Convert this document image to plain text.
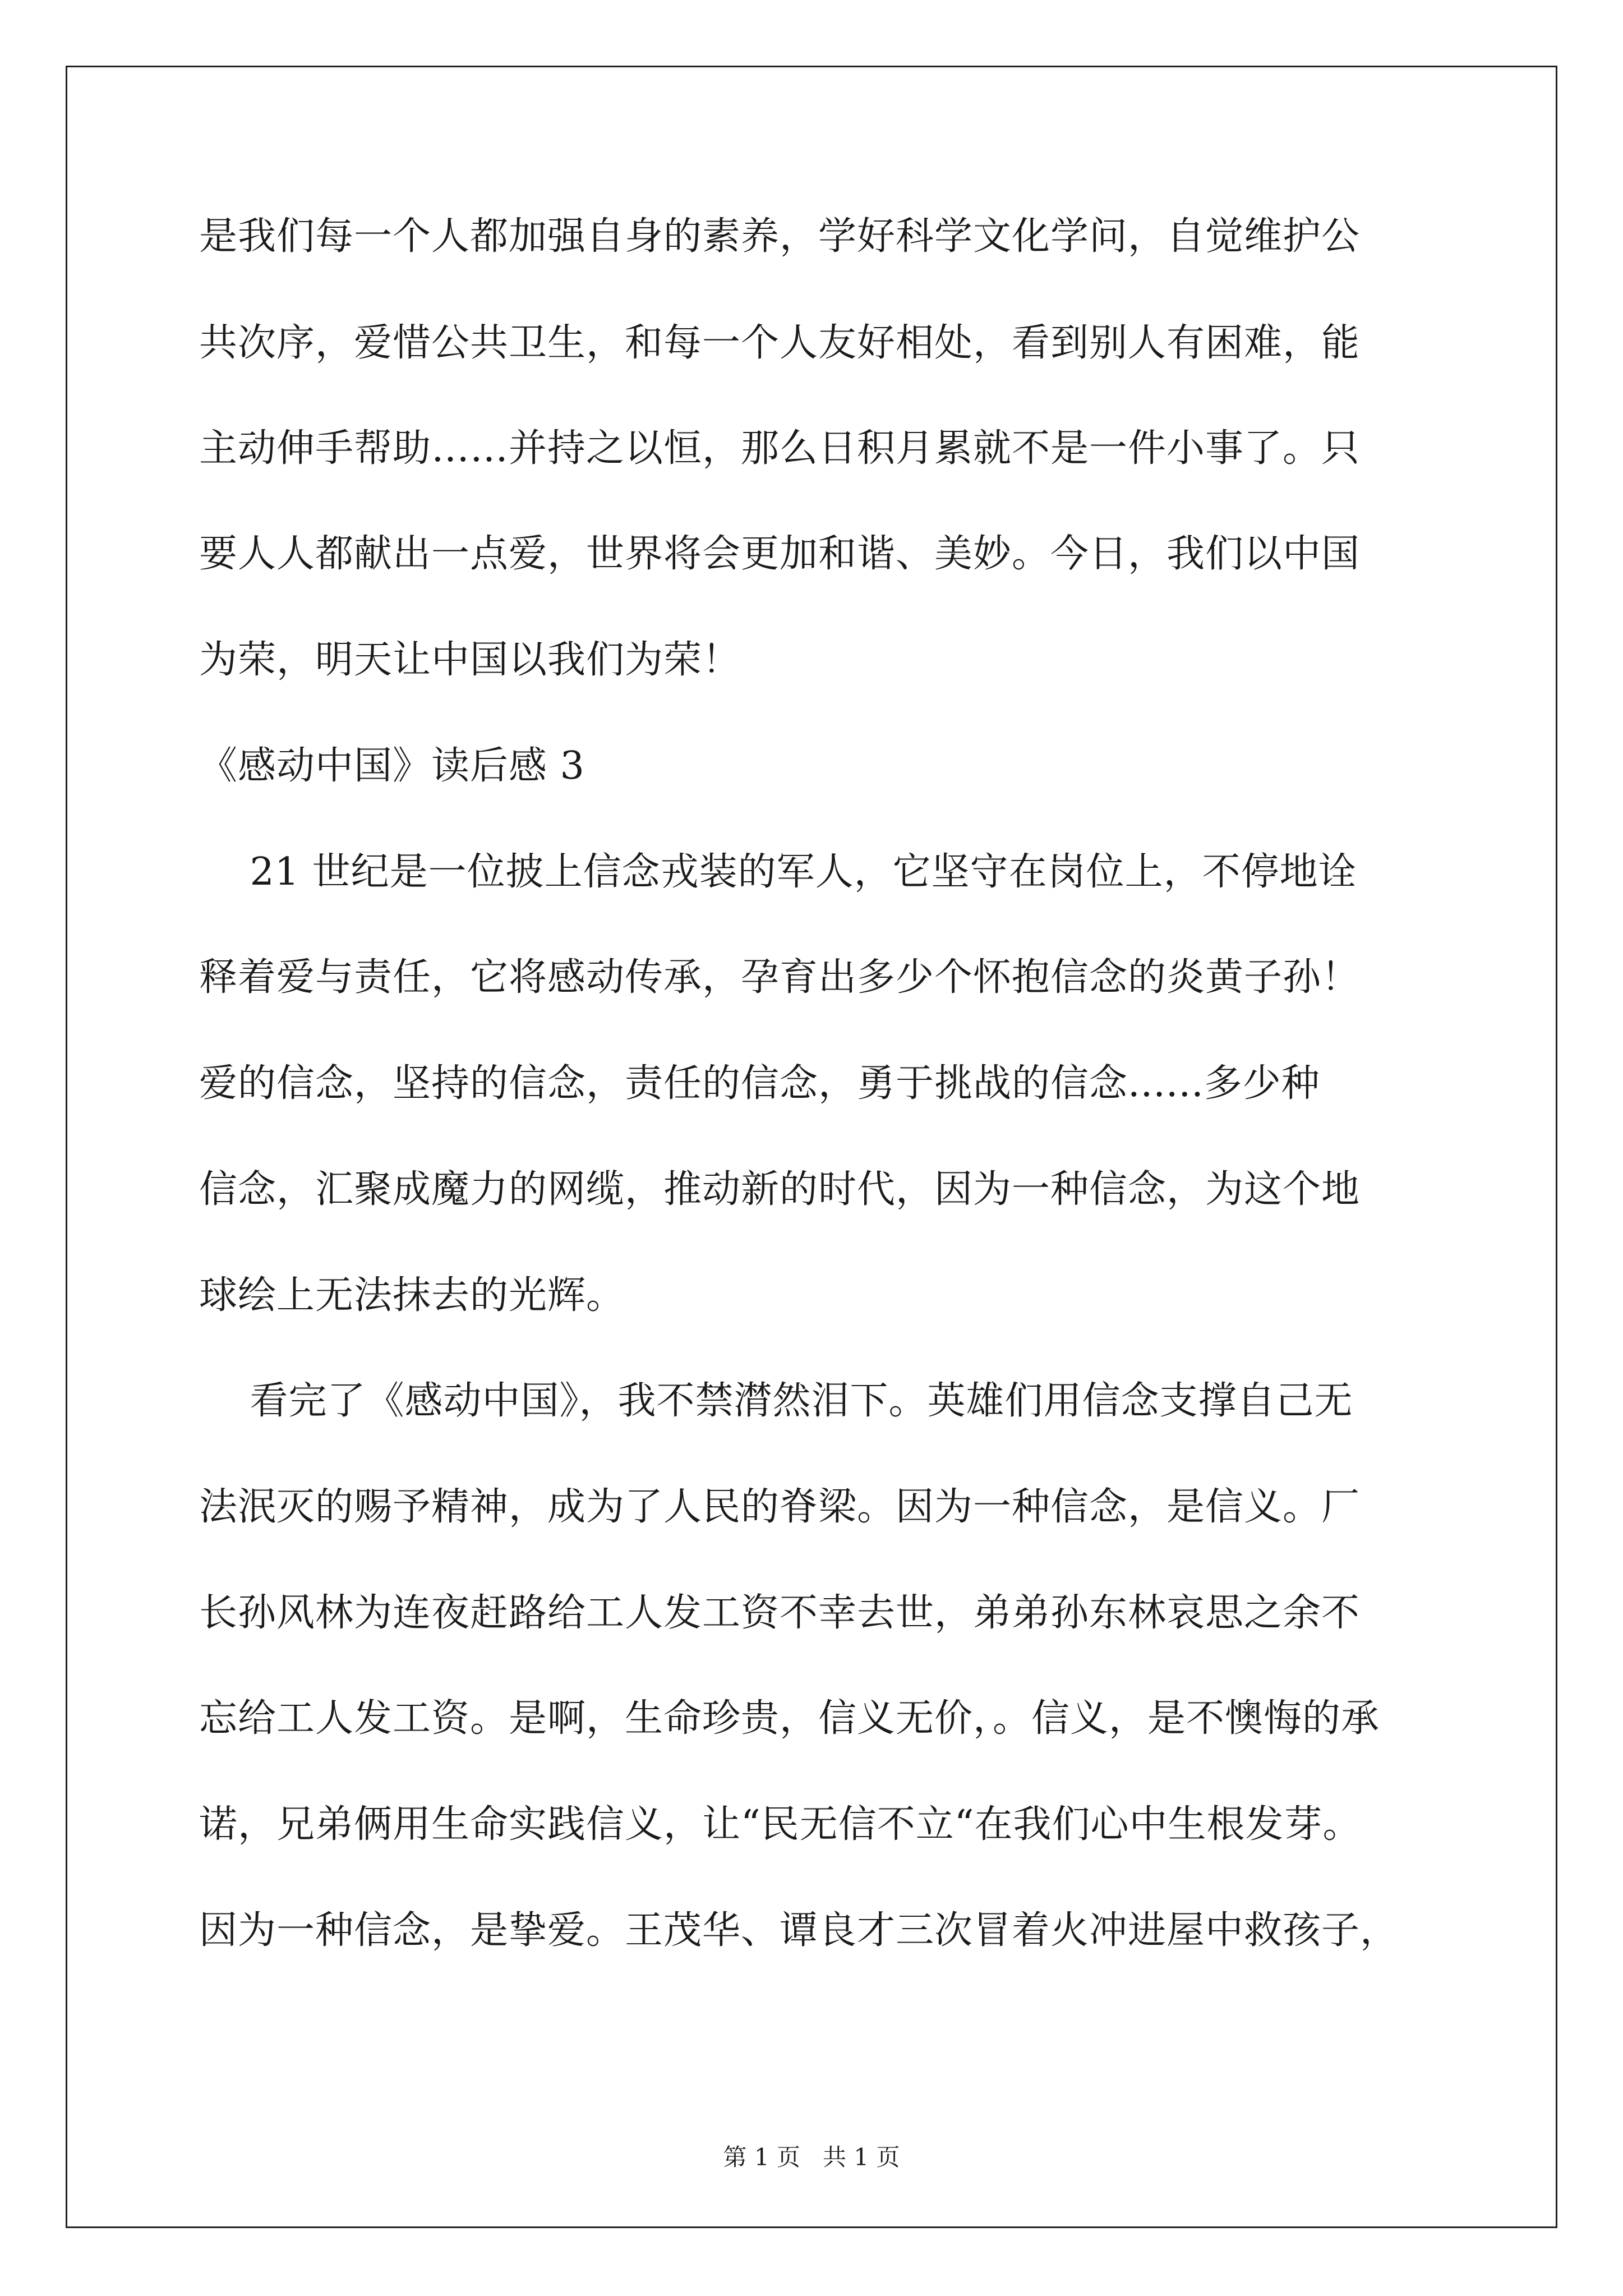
是我们每一个人都加强自身的素养，学好科学文化学问，自觉维护公
共次序，爱惜公共卫生，和每一个人友好相处，看到别人有困难，能
主动伸手帮助……并持之以恒，那么日积月累就不是一件小事了。只
要人人都献出一点爱，世界将会更加和谐、美妙。今日，我们以中国
为荣，明天让中国以我们为荣！
《感动中国》读后感 3
21 世纪是一位披上信念戎装的军人，它坚守在岗位上，不停地诠
释着爱与责任，它将感动传承，孕育出多少个怀抱信念的炎黄子孙！
爱的信念，坚持的信念，责任的信念，勇于挑战的信念......多少种
信念，汇聚成魔力的网缆，推动新的时代，因为一种信念，为这个地
球绘上无法抹去的光辉。
看完了《感动中国》，我不禁潸然泪下。英雄们用信念支撑自己无
法泯灭的赐予精神，成为了人民的脊梁。因为一种信念，是信义。厂
长孙风林为连夜赶路给工人发工资不幸去世，弟弟孙东林哀思之余不
忘给工人发工资。是啊，生命珍贵，信义无价，。信义，是不懊悔的承
诺，兄弟俩用生命实践信义，让“民无信不立“在我们心中生根发芽。
因为一种信念，是挚爱。王茂华、谭良才三次冒着火冲进屋中救孩子，
第 1 页   共 1 页
